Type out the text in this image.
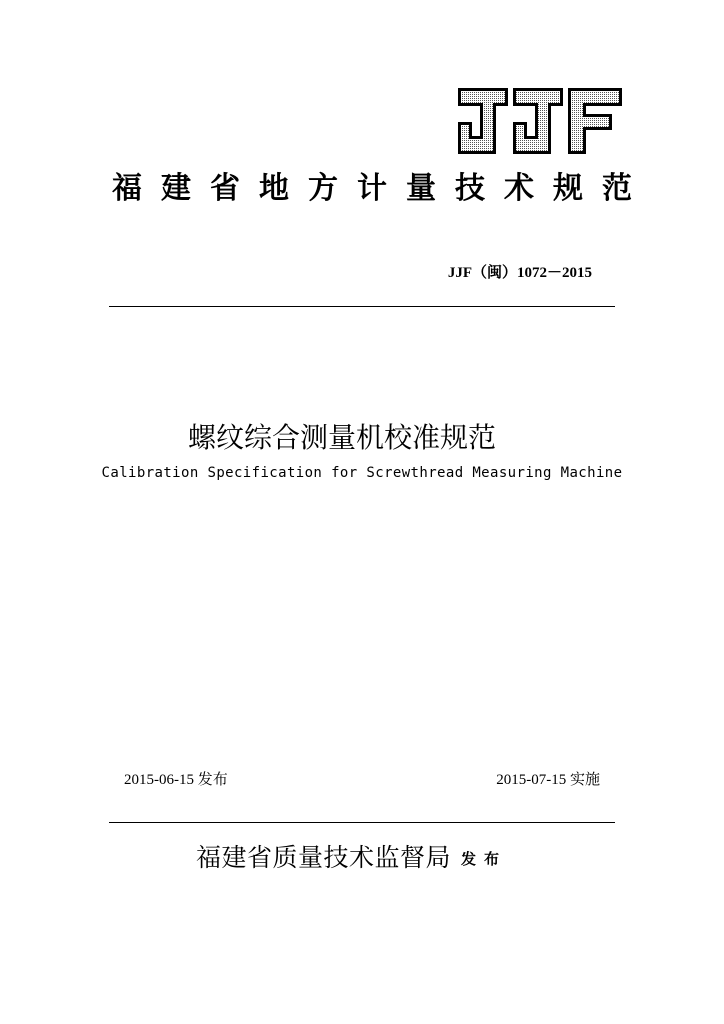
福建省地方计量技术规范
JJF（闽）1072－2015
螺纹综合测量机校准规范
Calibration Specification for Screwthread Measuring Machine
2015-06-15 发布	2015-07-15 实施
福建省质量技术监督局 发布
